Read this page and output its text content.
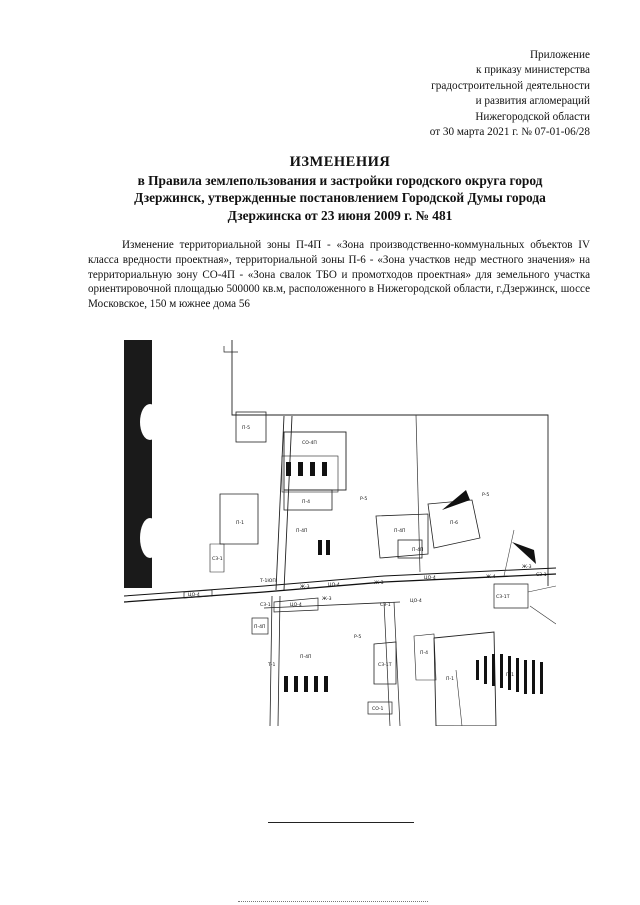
Приложение
к приказу министерства
градостроительной деятельности
и развития агломераций
Нижегородской области
от 30 марта 2021 г. № 07-01-06/28
ИЗМЕНЕНИЯ
в Правила землепользования и застройки городского округа город
Дзержинск, утвержденные постановлением Городской Думы города
Дзержинска от 23 июня 2009 г. № 481

Изменение территориальной зоны П-4П - «Зона производственно-коммунальных объектов IV класса вредности проектная», территориальной зоны П-6 - «Зона участков недр местного значения» на территориальную зону СО-4П - «Зона свалок ТБО и промотходов проектная» для земельного участка ориентировочной площадью 500000 кв.м, расположенного в Нижегородской области, г.Дзержинск, шоссе Московское, 150 м южнее дома 56

П-5
СО-4П
П-4
Р-5
П-1
П-4П	П-4П
П-6
Р-5
П-4П
СЗ-1
Т-1ЮП
ЦО-4
Ж-3	ЦО-4	Ж-3
ЦО-4	Ж-4
Ж-3
СЗ-1
СЗ-1	ЦО-4
Ж-3	ЦО-4
СЗ-1Т
СЗ-1
П-4П
Р-5
СЗ-1Т
Т-1
П-4П
П-4
П-1
П-1
СО-1
